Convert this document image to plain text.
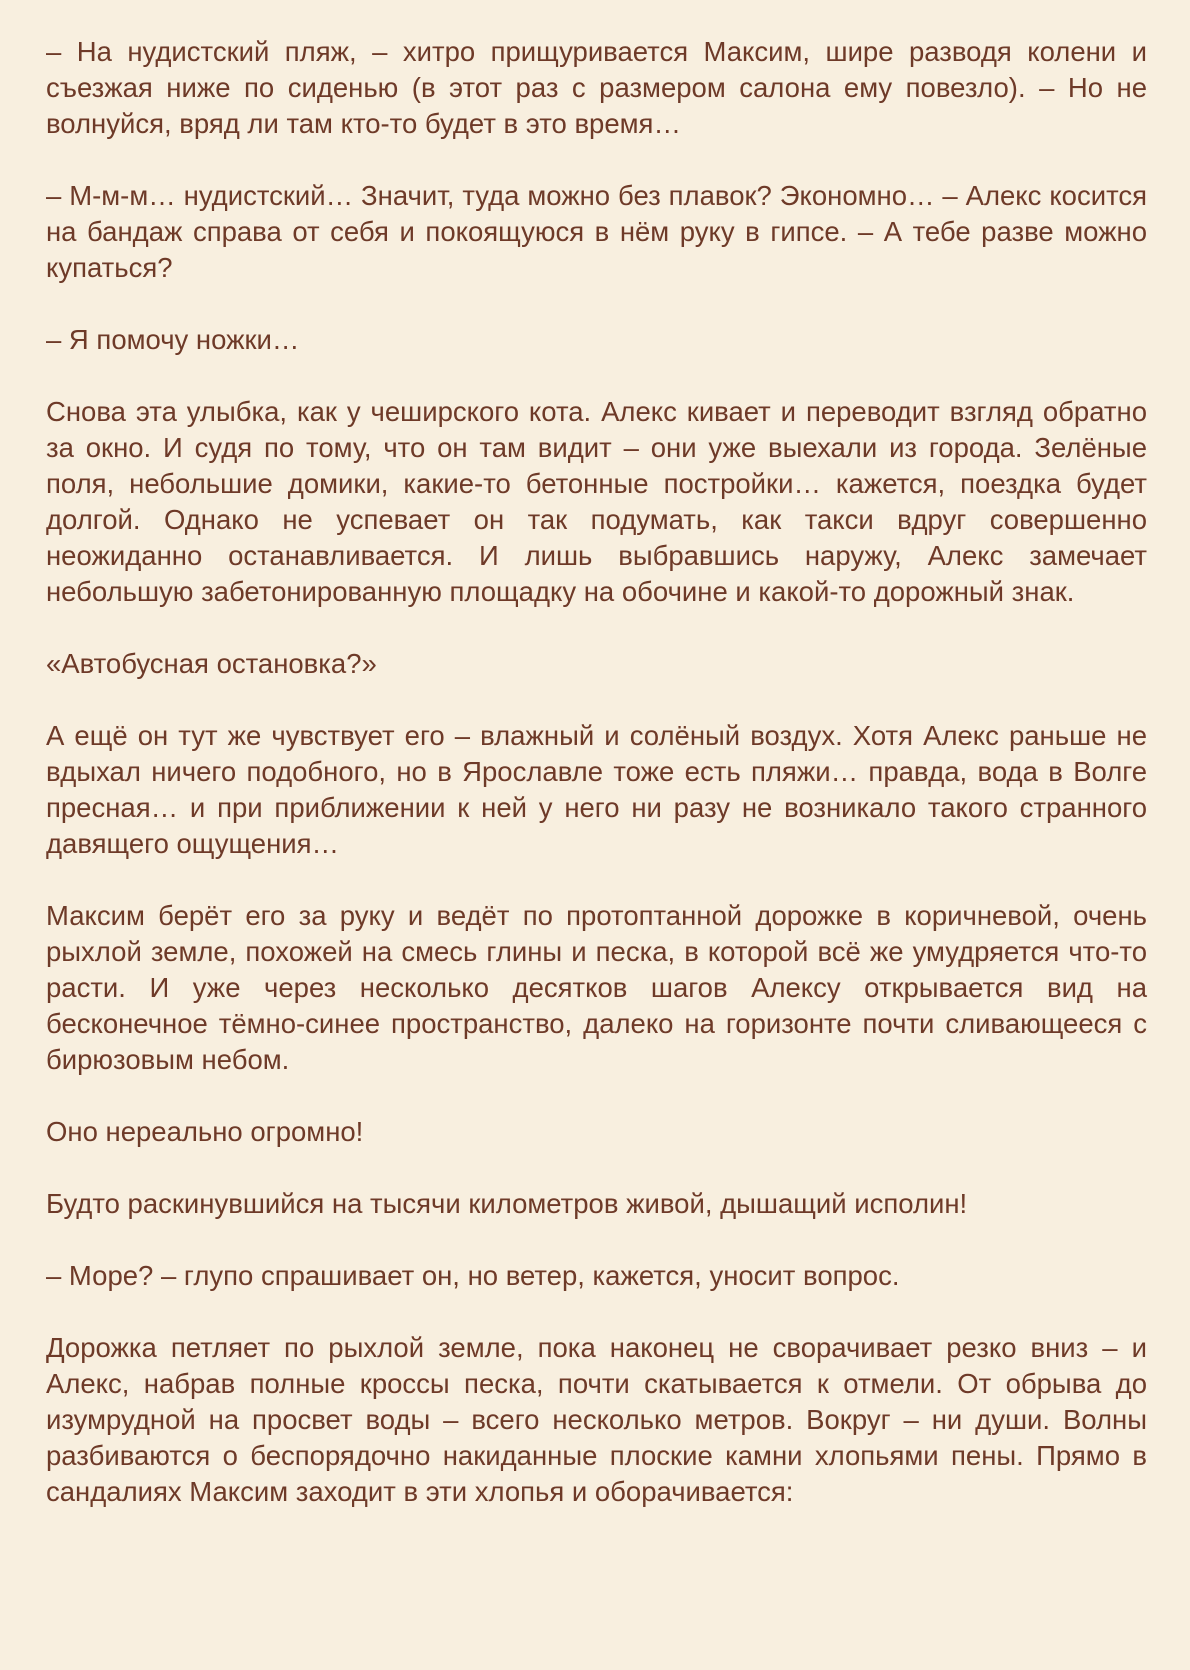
– На нудистский пляж, – хитро прищуривается Максим, шире разводя колени и съезжая ниже по сиденью (в этот раз с размером салона ему повезло). – Но не волнуйся, вряд ли там кто-то будет в это время…

– М-м-м… нудистский… Значит, туда можно без плавок? Экономно… – Алекс косится на бандаж справа от себя и покоящуюся в нём руку в гипсе. – А тебе разве можно купаться?

– Я помочу ножки…

Снова эта улыбка, как у чеширского кота. Алекс кивает и переводит взгляд обратно за окно. И судя по тому, что он там видит – они уже выехали из города. Зелёные поля, небольшие домики, какие-то бетонные постройки… кажется, поездка будет долгой. Однако не успевает он так подумать, как такси вдруг совершенно неожиданно останавливается. И лишь выбравшись наружу, Алекс замечает небольшую забетонированную площадку на обочине и какой-то дорожный знак.

«Автобусная остановка?»

А ещё он тут же чувствует его – влажный и солёный воздух. Хотя Алекс раньше не вдыхал ничего подобного, но в Ярославле тоже есть пляжи… правда, вода в Волге пресная… и при приближении к ней у него ни разу не возникало такого странного давящего ощущения…

Максим берёт его за руку и ведёт по протоптанной дорожке в коричневой, очень рыхлой земле, похожей на смесь глины и песка, в которой всё же умудряется что-то расти. И уже через несколько десятков шагов Алексу открывается вид на бесконечное тёмно-синее пространство, далеко на горизонте почти сливающееся с бирюзовым небом.

Оно нереально огромно!

Будто раскинувшийся на тысячи километров живой, дышащий исполин!

– Море? – глупо спрашивает он, но ветер, кажется, уносит вопрос.

Дорожка петляет по рыхлой земле, пока наконец не сворачивает резко вниз – и Алекс, набрав полные кроссы песка, почти скатывается к отмели. От обрыва до изумрудной на просвет воды – всего несколько метров. Вокруг – ни души. Волны разбиваются о беспорядочно накиданные плоские камни хлопьями пены. Прямо в сандалиях Максим заходит в эти хлопья и оборачивается:
